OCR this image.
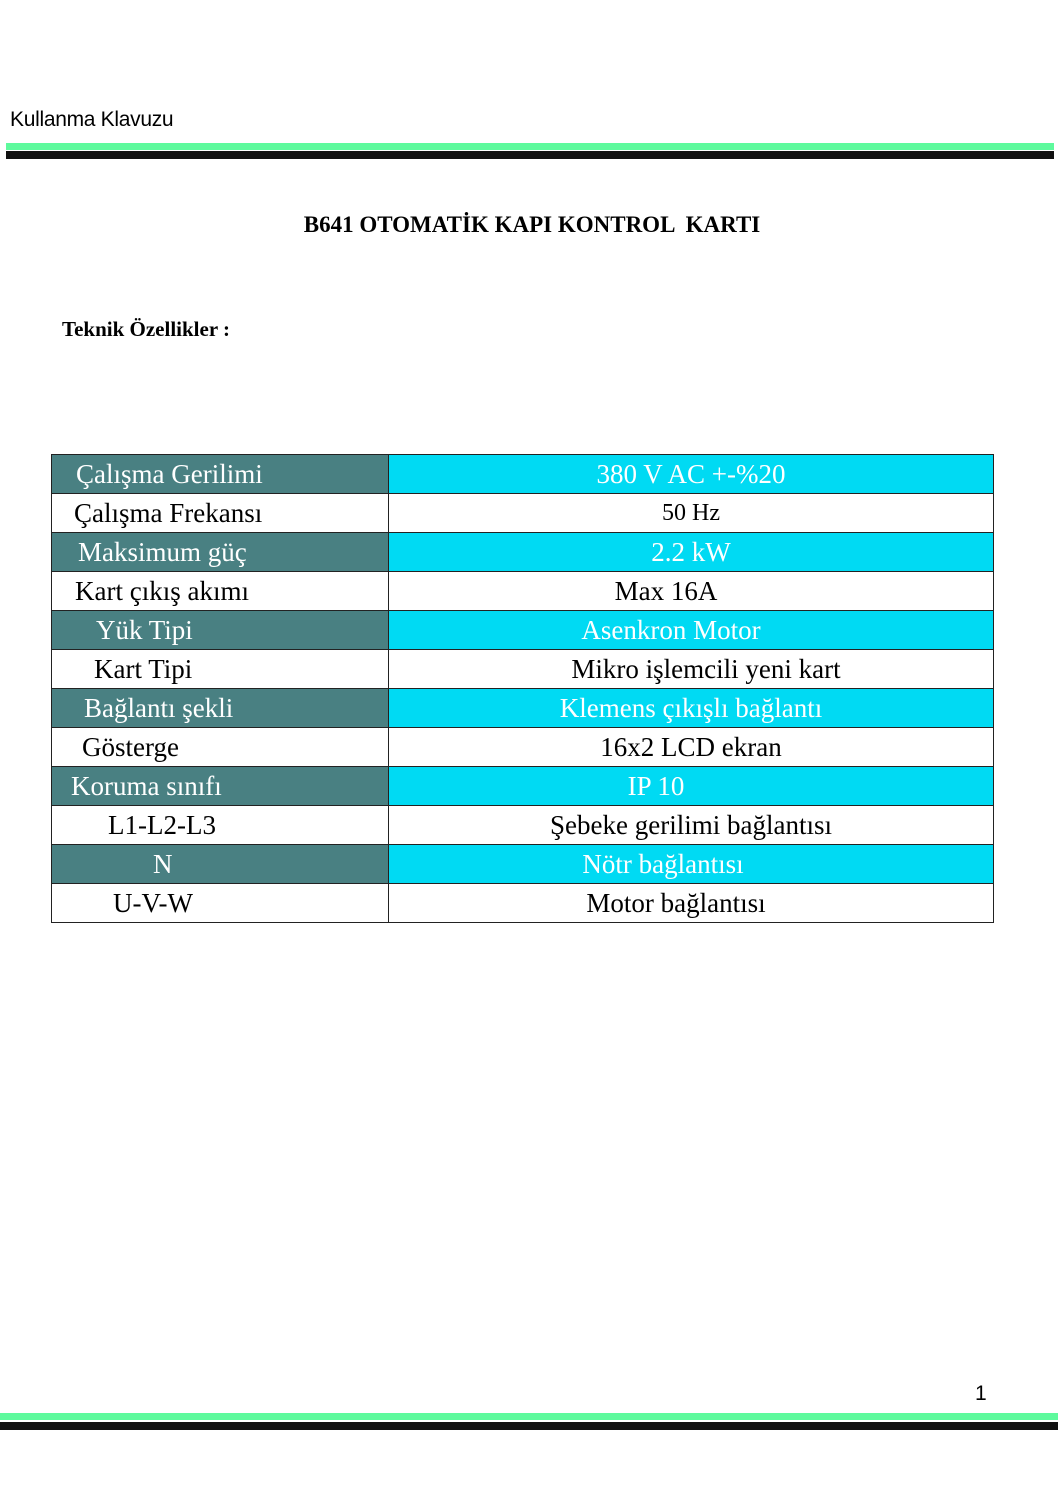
Kullanma Klavuzu
B641 OTOMATİK KAPI KONTROL  KARTI
Teknik Özellikler :
Çalışma Gerilimi	380 V AC +-%20
Çalışma Frekansı	50 Hz
Maksimum güç	2.2 kW
Kart çıkış akımı	Max 16A
Yük Tipi	Asenkron Motor
Kart Tipi	Mikro işlemcili yeni kart
Bağlantı şekli	Klemens çıkışlı bağlantı
Gösterge	16x2 LCD ekran
Koruma sınıfı	IP 10
L1-L2-L3	Şebeke gerilimi bağlantısı
N	Nötr bağlantısı
U-V-W	Motor bağlantısı
1
